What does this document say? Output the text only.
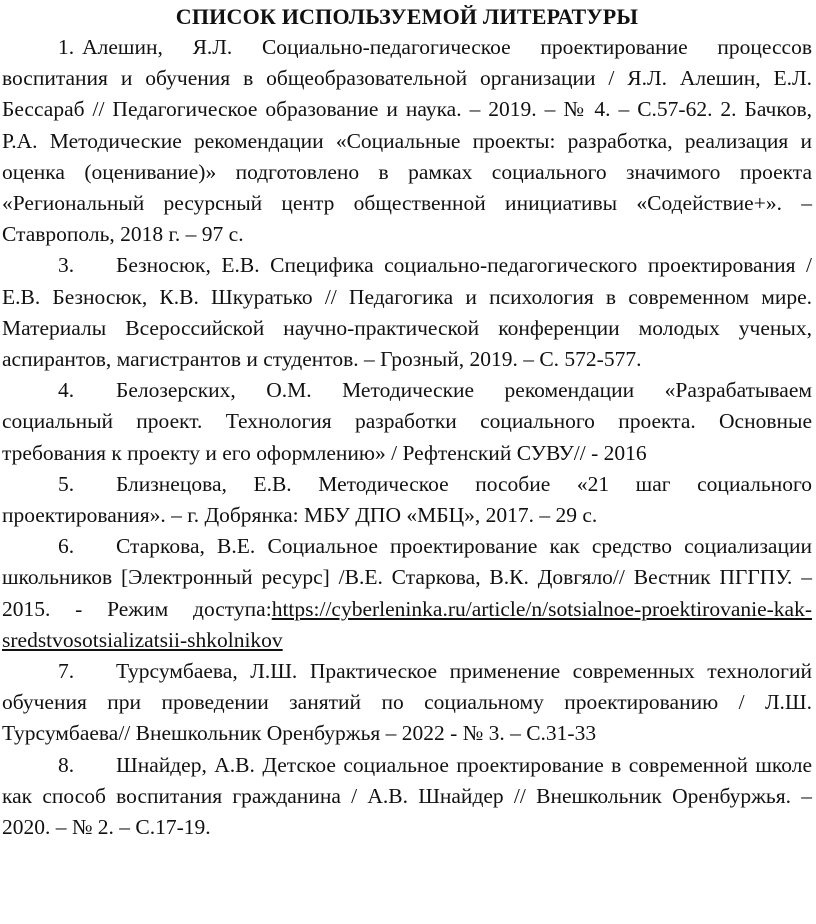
СПИСОК ИСПОЛЬЗУЕМОЙ ЛИТЕРАТУРЫ

1. Алешин, Я.Л. Социально-педагогическое проектирование процессов воспитания и обучения в общеобразовательной организации / Я.Л. Алешин, Е.Л. Бессараб // Педагогическое образование и наука. – 2019. – № 4. – С.57-62. 2. Бачков, Р.А. Методические рекомендации «Социальные проекты: разработка, реализация и оценка (оценивание)» подготовлено в рамках социального значимого проекта «Региональный ресурсный центр общественной инициативы «Содействие+». – Ставрополь, 2018 г. – 97 с.

3. Безносюк, Е.В. Специфика социально-педагогического проектирования / Е.В. Безносюк, К.В. Шкуратько // Педагогика и психология в современном мире. Материалы Всероссийской научно-практической конференции молодых ученых, аспирантов, магистрантов и студентов. – Грозный, 2019. – С. 572-577.

4. Белозерских, О.М. Методические рекомендации «Разрабатываем социальный проект. Технология разработки социального проекта. Основные требования к проекту и его оформлению» / Рефтенский СУВУ// - 2016

5. Близнецова, Е.В. Методическое пособие «21 шаг социального проектирования». – г. Добрянка: МБУ ДПО «МБЦ», 2017. – 29 с.

6. Старкова, В.Е. Социальное проектирование как средство социализации школьников [Электронный ресурс] /В.Е. Старкова, В.К. Довгяло// Вестник ПГГПУ. –2015. - Режим доступа:https://cyberleninka.ru/article/n/sotsialnoe-proektirovanie-kak-sredstvosotsializatsii-shkolnikov

7. Турсумбаева, Л.Ш. Практическое применение современных технологий обучения при проведении занятий по социальному проектированию / Л.Ш. Турсумбаева// Внешкольник Оренбуржья – 2022 - № 3. – С.31-33

8. Шнайдер, А.В. Детское социальное проектирование в современной школе как способ воспитания гражданина / А.В. Шнайдер // Внешкольник Оренбуржья. – 2020. – № 2. – С.17-19.
